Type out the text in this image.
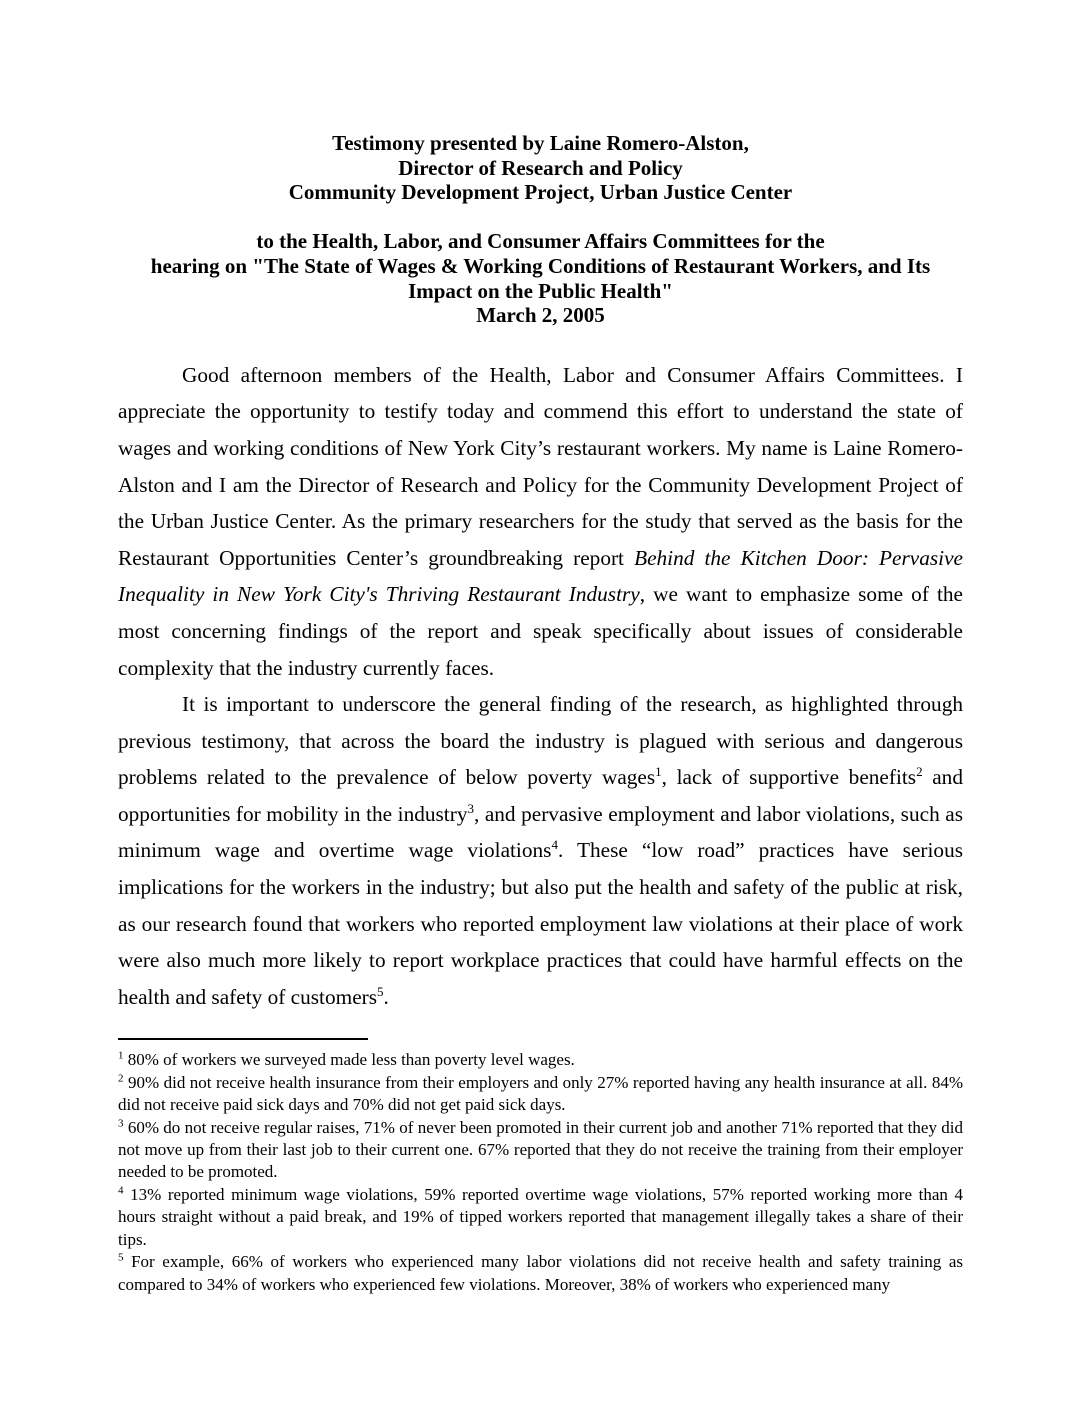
Testimony presented by Laine Romero-Alston,
Director of Research and Policy
Community Development Project, Urban Justice Center
to the Health, Labor, and Consumer Affairs Committees for the
hearing on "The State of Wages & Working Conditions of Restaurant Workers, and Its
Impact on the Public Health"
March 2, 2005

Good afternoon members of the Health, Labor and Consumer Affairs Committees. I appreciate the opportunity to testify today and commend this effort to understand the state of wages and working conditions of New York City’s restaurant workers. My name is Laine Romero-Alston and I am the Director of Research and Policy for the Community Development Project of the Urban Justice Center. As the primary researchers for the study that served as the basis for the Restaurant Opportunities Center’s groundbreaking report Behind the Kitchen Door: Pervasive Inequality in New York City's Thriving Restaurant Industry, we want to emphasize some of the most concerning findings of the report and speak specifically about issues of considerable complexity that the industry currently faces.

It is important to underscore the general finding of the research, as highlighted through previous testimony, that across the board the industry is plagued with serious and dangerous problems related to the prevalence of below poverty wages$^1$, lack of supportive benefits$^2$ and opportunities for mobility in the industry$^3$, and pervasive employment and labor violations, such as minimum wage and overtime wage violations$^4$. These “low road” practices have serious implications for the workers in the industry; but also put the health and safety of the public at risk, as our research found that workers who reported employment law violations at their place of work were also much more likely to report workplace practices that could have harmful effects on the health and safety of customers$^5$.

$^1$ 80% of workers we surveyed made less than poverty level wages.
$^2$ 90% did not receive health insurance from their employers and only 27% reported having any health insurance at all. 84% did not receive paid sick days and 70% did not get paid sick days.
$^3$ 60% do not receive regular raises, 71% of never been promoted in their current job and another 71% reported that they did not move up from their last job to their current one. 67% reported that they do not receive the training from their employer needed to be promoted.
$^4$ 13% reported minimum wage violations, 59% reported overtime wage violations, 57% reported working more than 4 hours straight without a paid break, and 19% of tipped workers reported that management illegally takes a share of their tips.
$^5$ For example, 66% of workers who experienced many labor violations did not receive health and safety training as compared to 34% of workers who experienced few violations. Moreover, 38% of workers who experienced many
